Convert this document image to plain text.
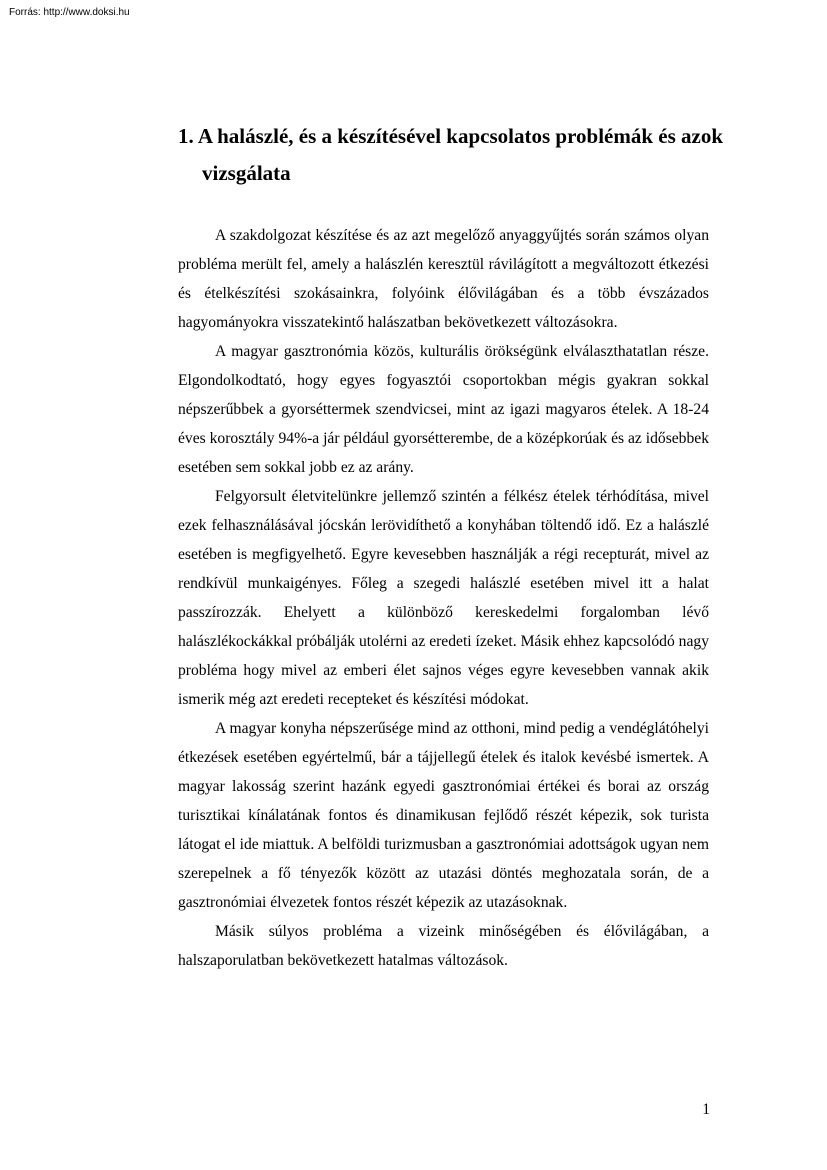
Forrás: http://www.doksi.hu
1. A halászlé, és a készítésével kapcsolatos problémák és azok vizsgálata

A szakdolgozat készítése és az azt megelőző anyaggyűjtés során számos olyan probléma merült fel, amely a halászlén keresztül rávilágított a megváltozott étkezési és ételkészítési szokásainkra, folyóink élővilágában és a több évszázados hagyományokra visszatekintő halászatban bekövetkezett változásokra.

A magyar gasztronómia közös, kulturális örökségünk elválaszthatatlan része. Elgondolkodtató, hogy egyes fogyasztói csoportokban mégis gyakran sokkal népszerűbbek a gyorséttermek szendvicsei, mint az igazi magyaros ételek. A 18-24 éves korosztály 94%-a jár például gyorsétterembe, de a középkorúak és az idősebbek esetében sem sokkal jobb ez az arány.

Felgyorsult életvitelünkre jellemző szintén a félkész ételek térhódítása, mivel ezek felhasználásával jócskán lerövidíthető a konyhában töltendő idő. Ez a halászlé esetében is megfigyelhető. Egyre kevesebben használják a régi recepturát, mivel az rendkívül munkaigényes. Főleg a szegedi halászlé esetében mivel itt a halat passzírozzák. Ehelyett a különböző kereskedelmi forgalomban lévő halászlékockákkal próbálják utolérni az eredeti ízeket. Másik ehhez kapcsolódó nagy probléma hogy mivel az emberi élet sajnos véges egyre kevesebben vannak akik ismerik még azt eredeti recepteket és készítési módokat.

A magyar konyha népszerűsége mind az otthoni, mind pedig a vendéglátóhelyi étkezések esetében egyértelmű, bár a tájjellegű ételek és italok kevésbé ismertek. A magyar lakosság szerint hazánk egyedi gasztronómiai értékei és borai az ország turisztikai kínálatának fontos és dinamikusan fejlődő részét képezik, sok turista látogat el ide miattuk. A belföldi turizmusban a gasztronómiai adottságok ugyan nem szerepelnek a fő tényezők között az utazási döntés meghozatala során, de a gasztronómiai élvezetek fontos részét képezik az utazásoknak.

Másik súlyos probléma a vizeink minőségében és élővilágában, a halszaporulatban bekövetkezett hatalmas változások.

1
